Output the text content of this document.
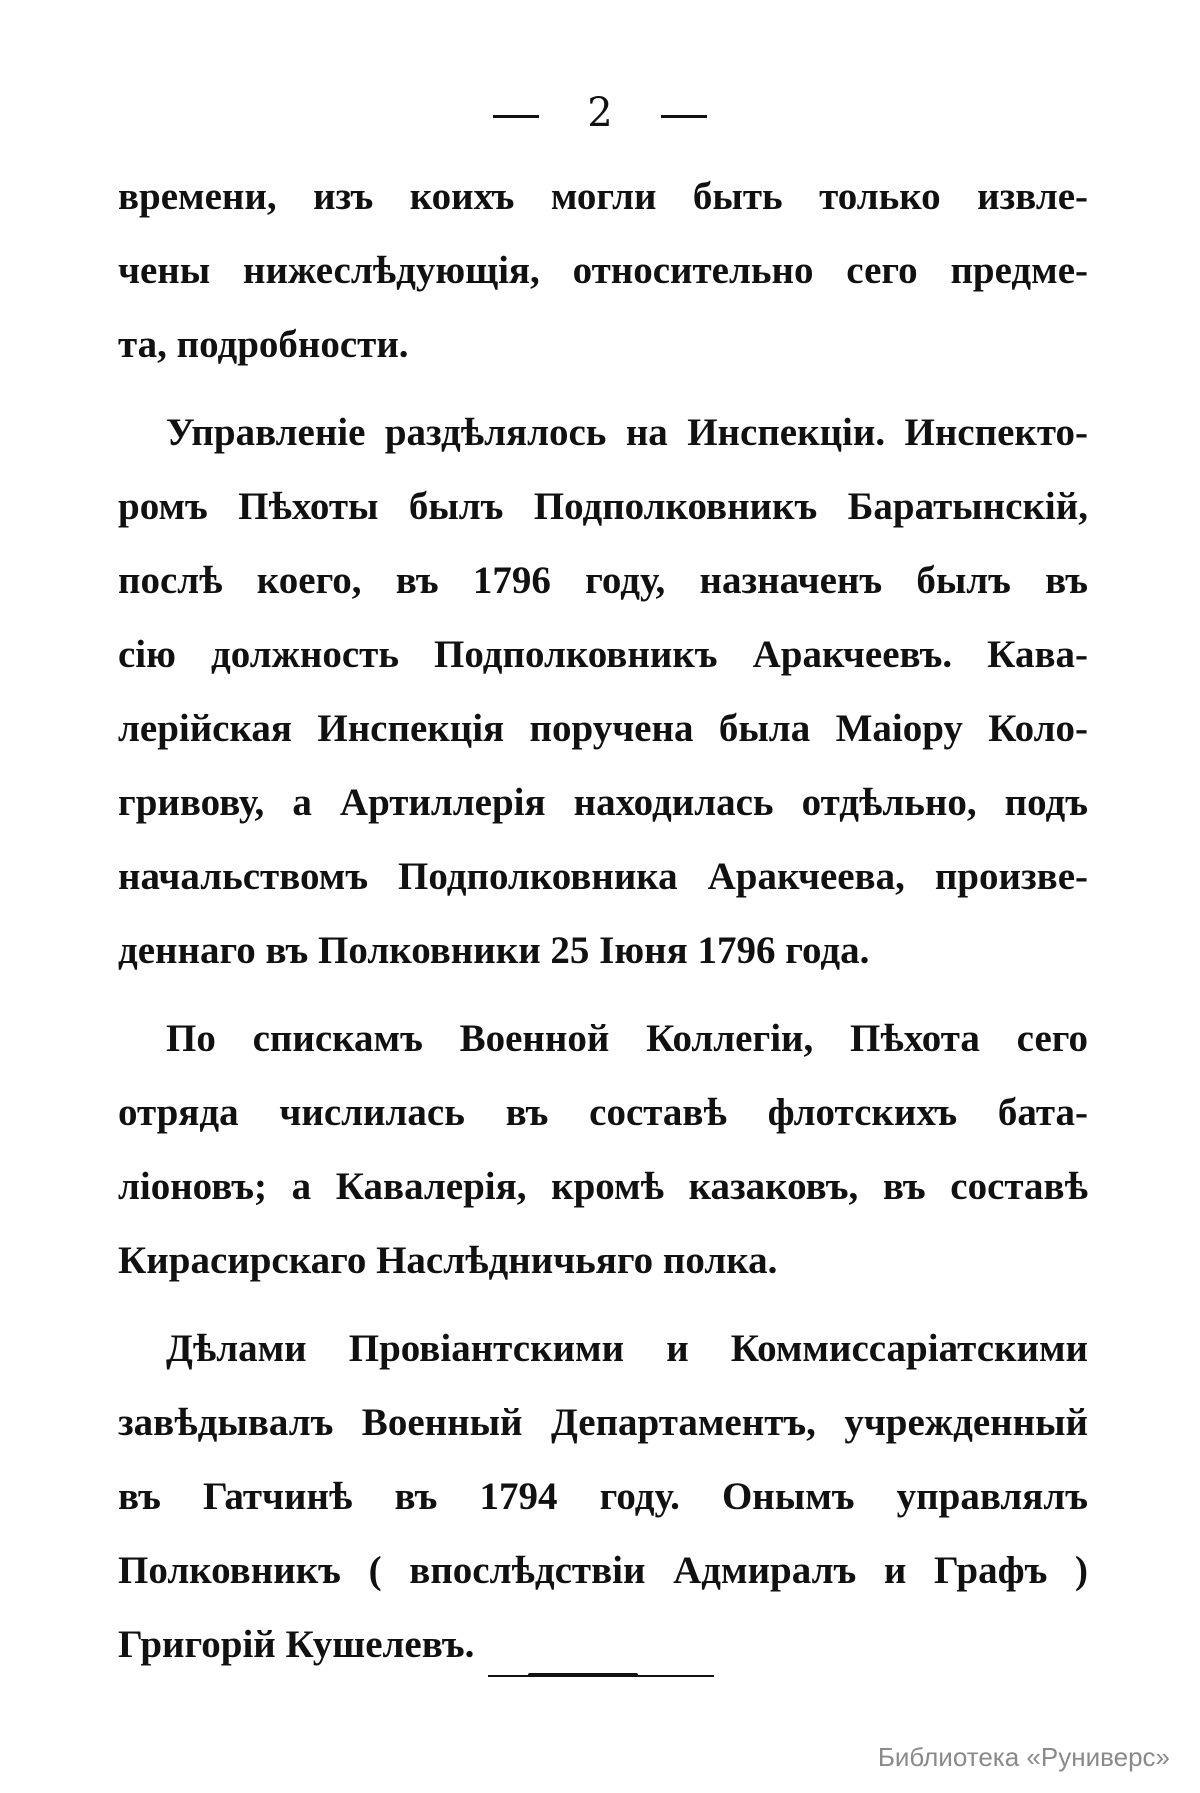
2
времени, изъ коихъ могли быть только извле-
чены нижеслѣдующія, относительно сего предме-
та, подробности.
Управленіе раздѣлялось на Инспекціи. Инспекто-
ромъ Пѣхоты былъ Подполковникъ Баратынскій,
послѣ коего, въ 1796 году, назначенъ былъ въ
сію должность Подполковникъ Аракчеевъ. Кава-
лерійская Инспекція поручена была Маіору Коло-
гривову, а Артиллерія находилась отдѣльно, подъ
начальствомъ Подполковника Аракчеева, произве-
деннаго въ Полковники 25 Іюня 1796 года.
По спискамъ Военной Коллегіи, Пѣхота сего
отряда числилась въ составѣ флотскихъ бата-
ліоновъ; а Кавалерія, кромѣ казаковъ, въ составѣ
Кирасирскаго Наслѣдничьяго полка.
Дѣлами Провіантскими и Коммиссаріатскими
завѣдывалъ Военный Департаментъ, учрежденный
въ Гатчинѣ въ 1794 году. Онымъ управлялъ
Полковникъ ( впослѣдствіи Адмиралъ и Графъ )
Григорій Кушелевъ.
Библиотека «Руниверс»
